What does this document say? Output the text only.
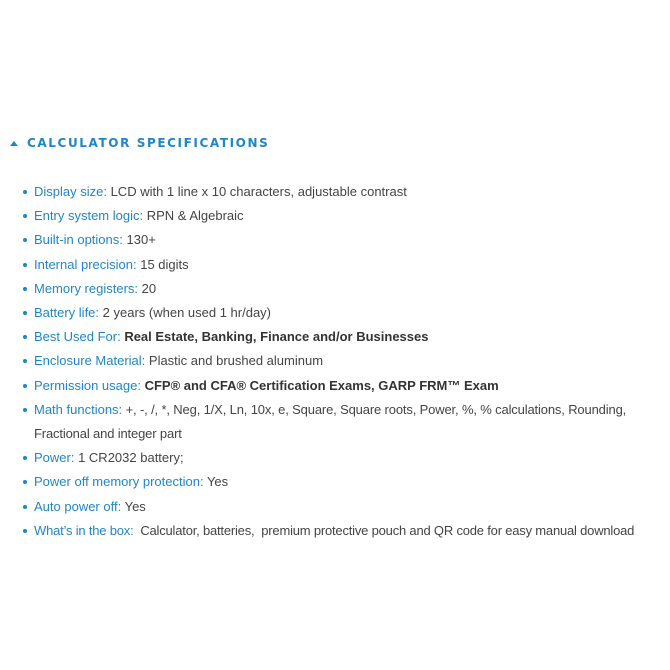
CALCULATOR SPECIFICATIONS
Display size: LCD with 1 line x 10 characters, adjustable contrast
Entry system logic: RPN & Algebraic
Built-in options: 130+
Internal precision: 15 digits
Memory registers: 20
Battery life: 2 years (when used 1 hr/day)
Best Used For: Real Estate, Banking, Finance and/or Businesses
Enclosure Material: Plastic and brushed aluminum
Permission usage: CFP® and CFA® Certification Exams, GARP FRM™ Exam
Math functions: +, -, /, *, Neg, 1/X, Ln, 10x, e, Square, Square roots, Power, %, % calculations, Rounding, Fractional and integer part
Power: 1 CR2032 battery;
Power off memory protection: Yes
Auto power off: Yes
What’s in the box:  Calculator, batteries,  premium protective pouch and QR code for easy manual download
